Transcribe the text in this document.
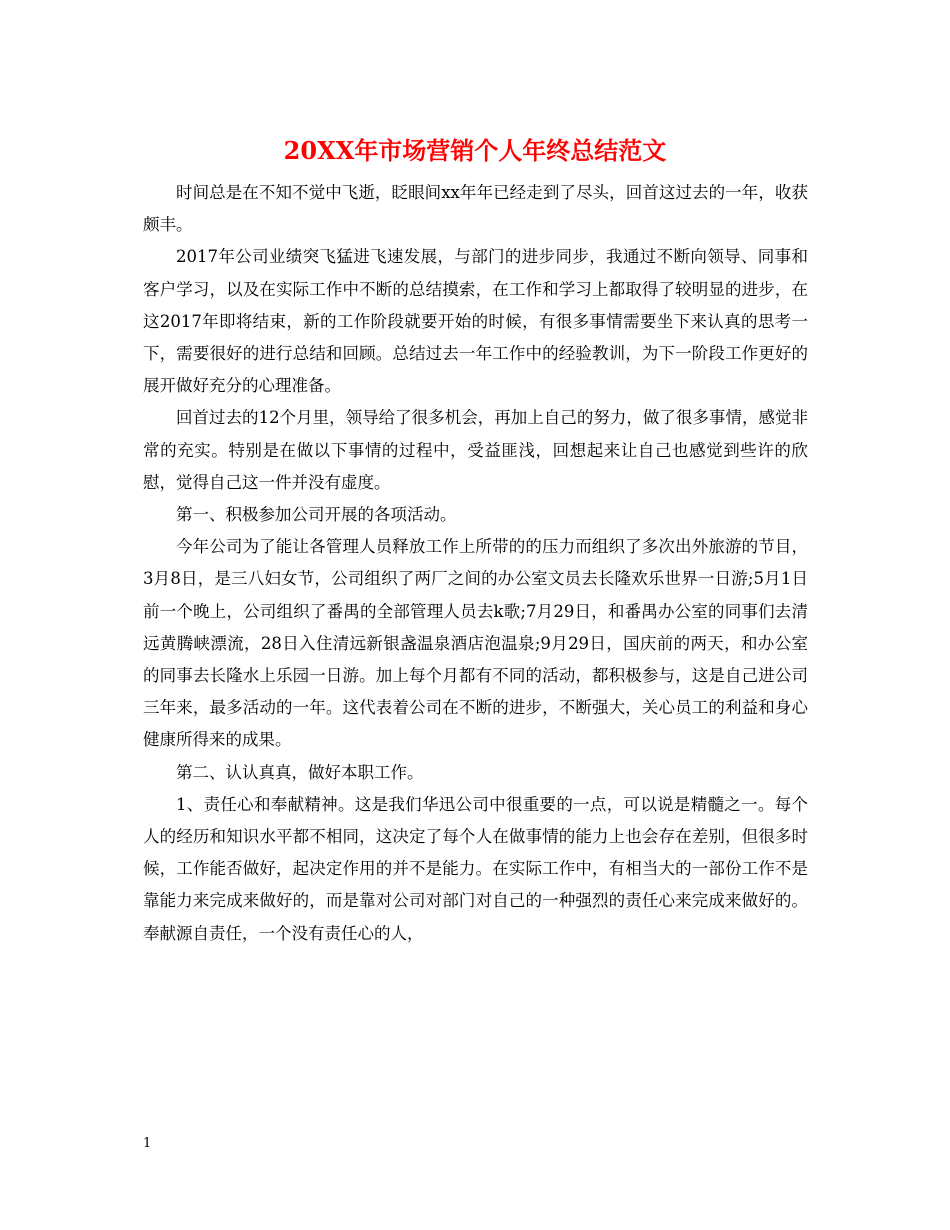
20XX年市场营销个人年终总结范文

时间总是在不知不觉中飞逝，眨眼间xx年年已经走到了尽头，回首这过去的一年，收获颇丰。

2017年公司业绩突飞猛进飞速发展，与部门的进步同步，我通过不断向领导、同事和客户学习，以及在实际工作中不断的总结摸索，在工作和学习上都取得了较明显的进步，在这2017年即将结束，新的工作阶段就要开始的时候，有很多事情需要坐下来认真的思考一下，需要很好的进行总结和回顾。总结过去一年工作中的经验教训，为下一阶段工作更好的展开做好充分的心理准备。

回首过去的12个月里，领导给了很多机会，再加上自己的努力，做了很多事情，感觉非常的充实。特别是在做以下事情的过程中，受益匪浅，回想起来让自己也感觉到些许的欣慰，觉得自己这一件并没有虚度。

第一、积极参加公司开展的各项活动。

今年公司为了能让各管理人员释放工作上所带的的压力而组织了多次出外旅游的节目，3月8日，是三八妇女节，公司组织了两厂之间的办公室文员去长隆欢乐世界一日游;5月1日前一个晚上，公司组织了番禺的全部管理人员去k歌;7月29日，和番禺办公室的同事们去清远黄腾峡漂流，28日入住清远新银盏温泉酒店泡温泉;9月29日，国庆前的两天，和办公室的同事去长隆水上乐园一日游。加上每个月都有不同的活动，都积极参与，这是自己进公司三年来，最多活动的一年。这代表着公司在不断的进步，不断强大，关心员工的利益和身心健康所得来的成果。

第二、认认真真，做好本职工作。

1、责任心和奉献精神。这是我们华迅公司中很重要的一点，可以说是精髓之一。每个人的经历和知识水平都不相同，这决定了每个人在做事情的能力上也会存在差别，但很多时候，工作能否做好，起决定作用的并不是能力。在实际工作中，有相当大的一部份工作不是靠能力来完成来做好的，而是靠对公司对部门对自己的一种强烈的责任心来完成来做好的。奉献源自责任，一个没有责任心的人，

1
